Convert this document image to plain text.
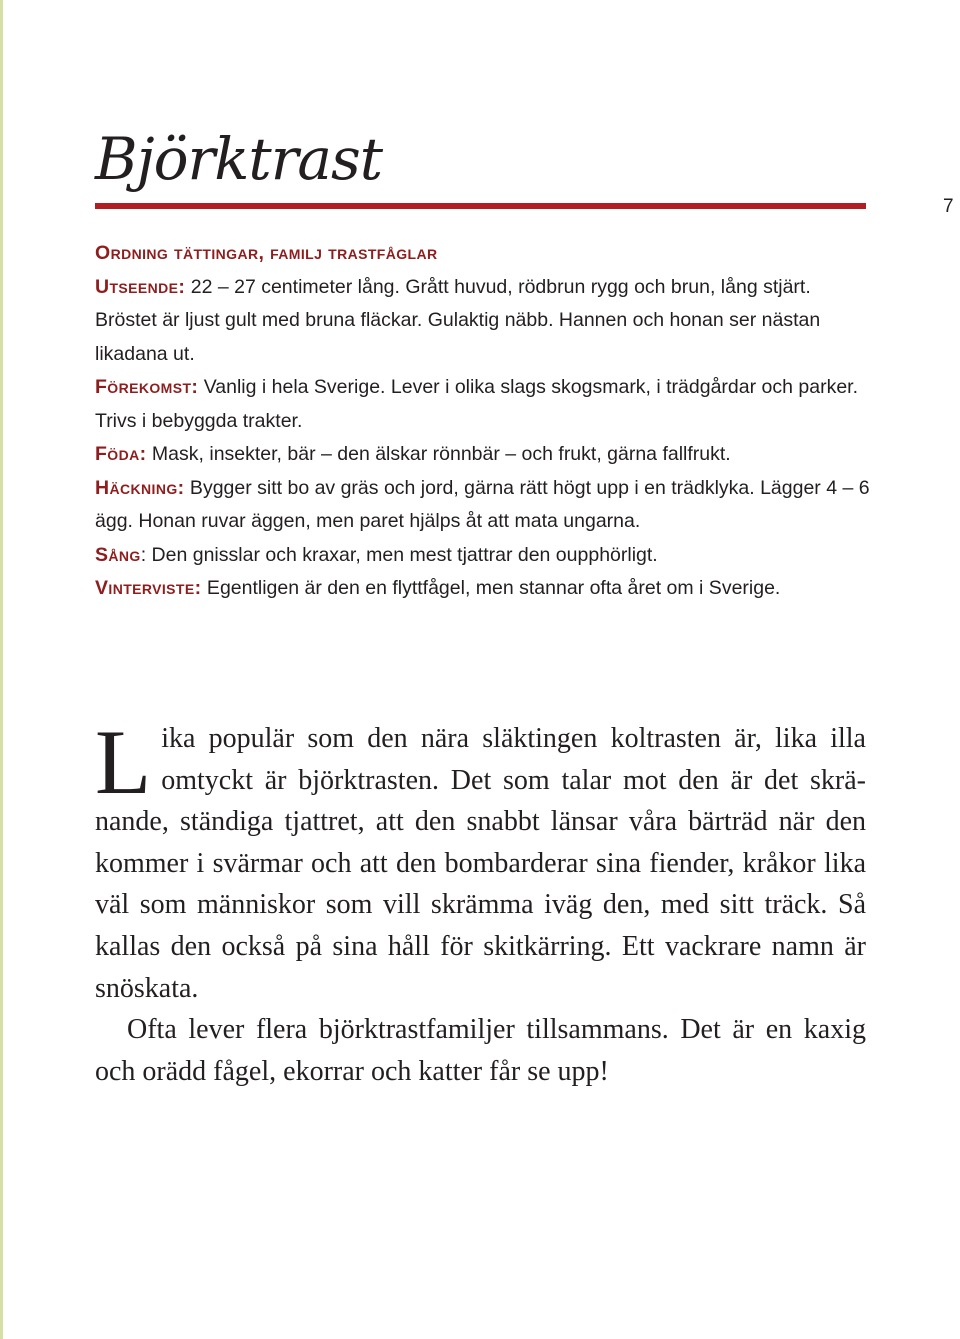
Björktrast
7

Ordning tättingar, familj trastfåglar

Utseende: 22 – 27 centimeter lång. Grått huvud, rödbrun rygg och brun, lång stjärt. Bröstet är ljust gult med bruna fläckar. Gulaktig näbb. Hannen och honan ser nästan likadana ut.

Förekomst: Vanlig i hela Sverige. Lever i olika slags skogsmark, i trädgårdar och parker. Trivs i bebyggda trakter.

Föda: Mask, insekter, bär – den älskar rönnbär – och frukt, gärna fallfrukt.

Häckning: Bygger sitt bo av gräs och jord, gärna rätt högt upp i en trädklyka. Lägger 4 – 6 ägg. Honan ruvar äggen, men paret hjälps åt att mata ungarna.

Sång: Den gnisslar och kraxar, men mest tjattrar den oupphörligt.

Vinterviste: Egentligen är den en flyttfågel, men stannar ofta året om i Sverige.

Lika populär som den nära släktingen koltrasten är, lika illa omtyckt är björktrasten. Det som talar mot den är det skrä-nande, ständiga tjattret, att den snabbt länsar våra bärträd när den kommer i svärmar och att den bombarderar sina fiender, kråkor lika väl som människor som vill skrämma iväg den, med sitt träck. Så kallas den också på sina håll för skitkärring. Ett vackrare namn är snöskata.

Ofta lever flera björktrastfamiljer tillsammans. Det är en kaxig och orädd fågel, ekorrar och katter får se upp!
